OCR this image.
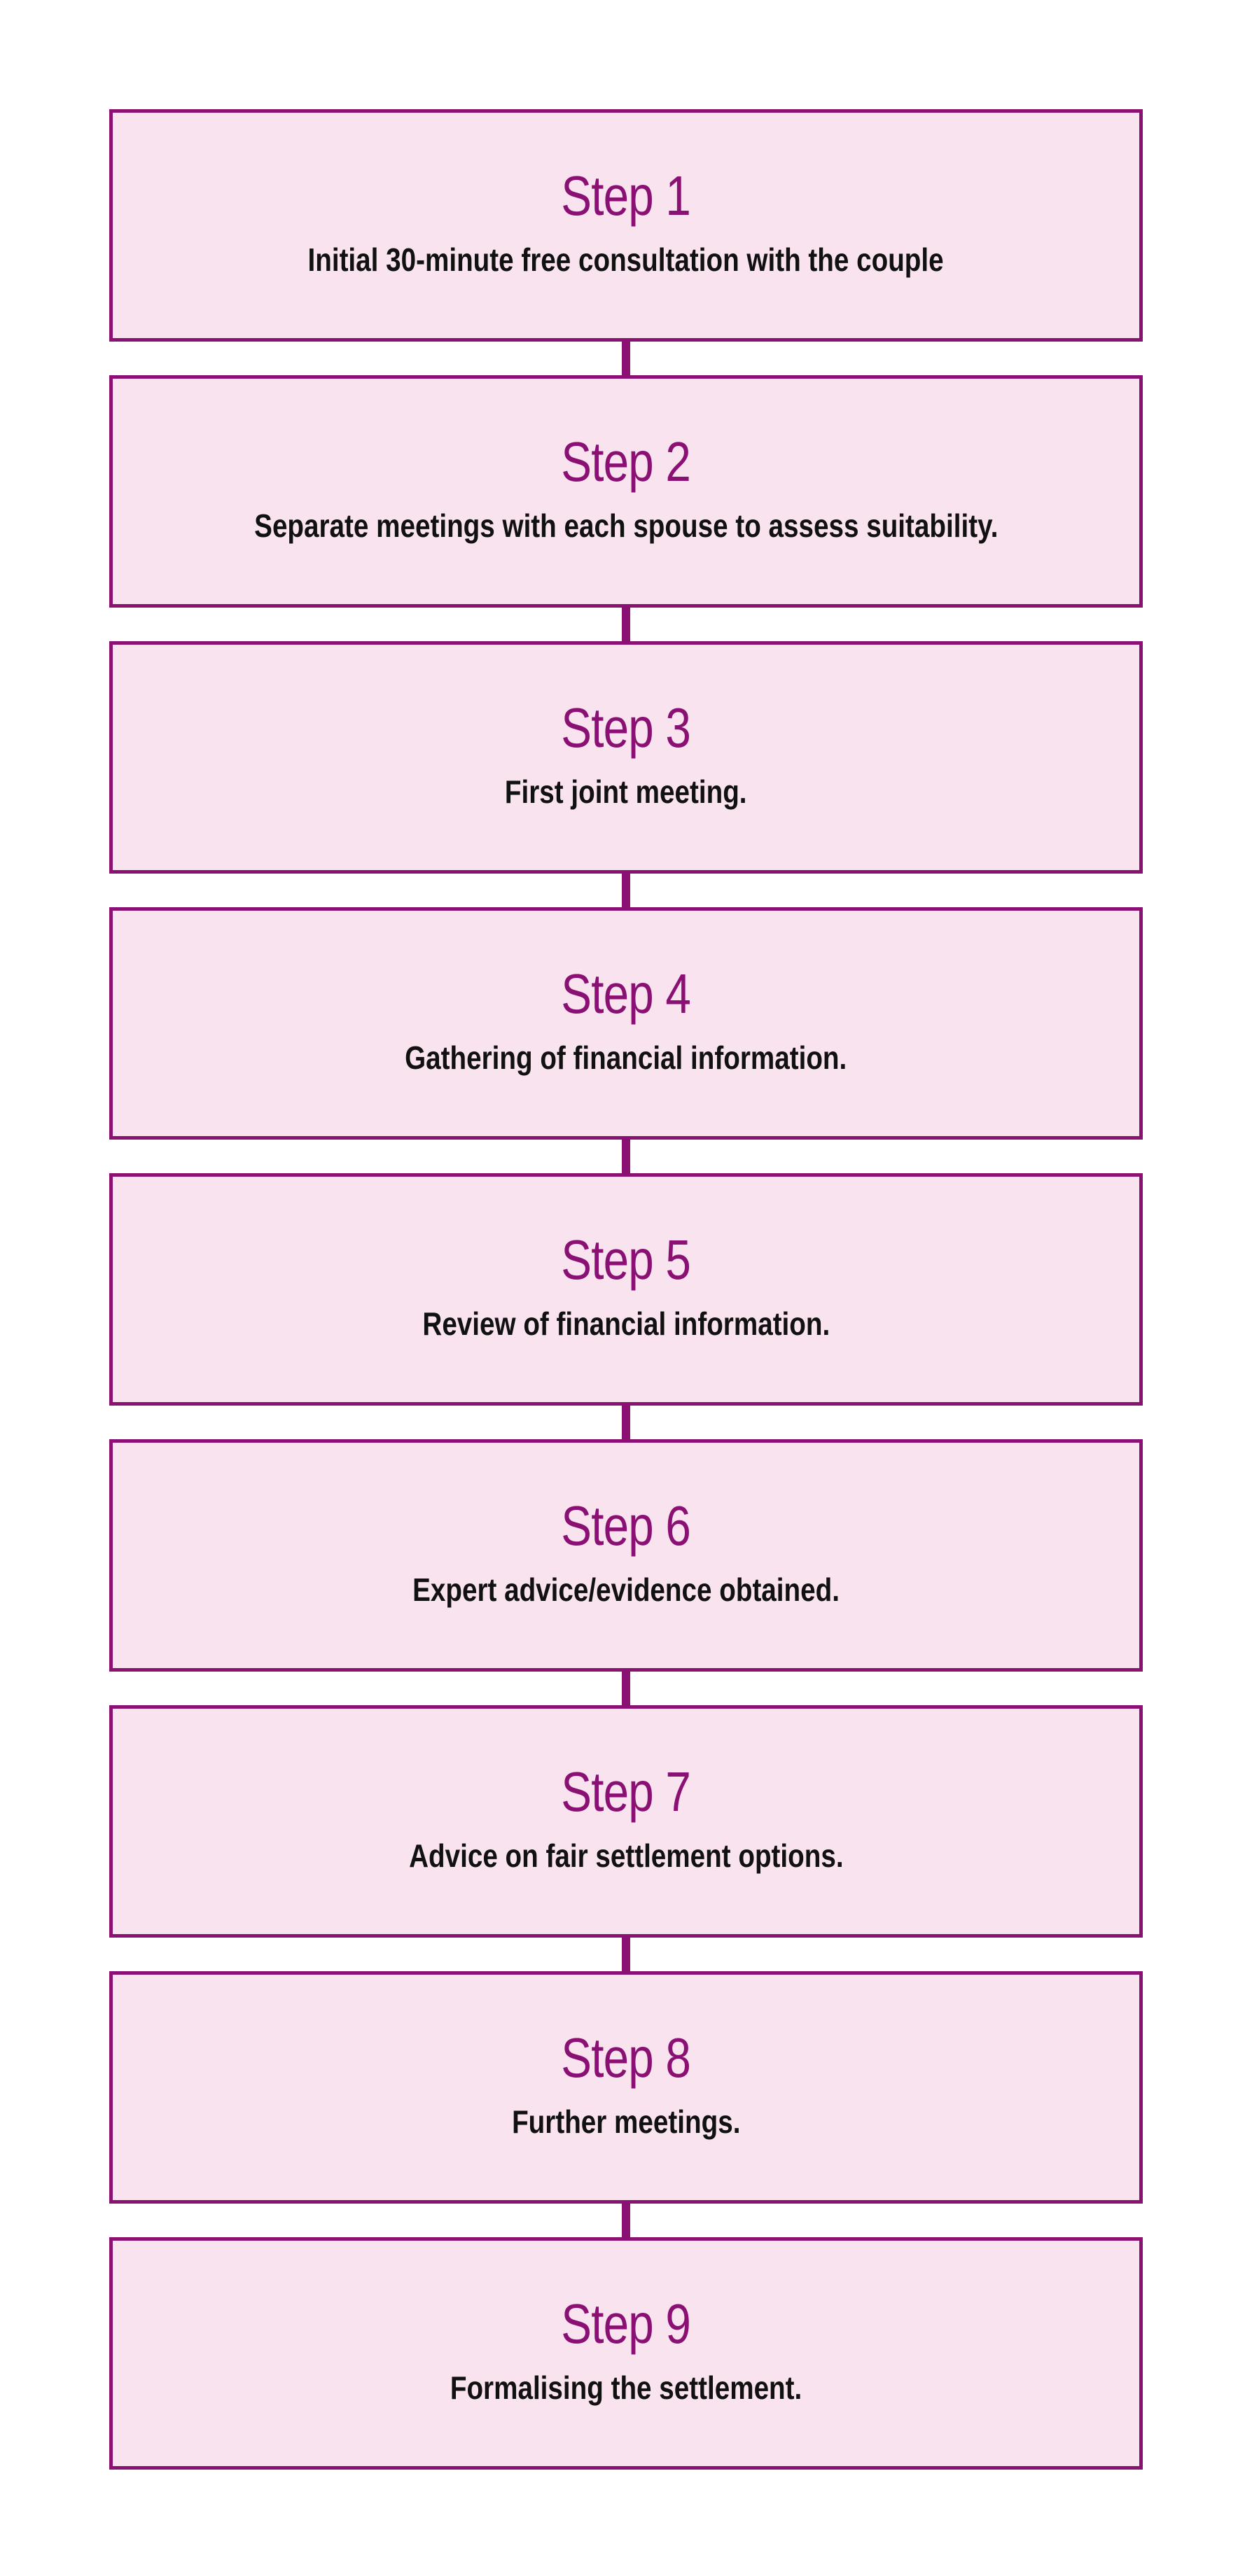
Step 1
Initial 30-minute free consultation with the couple
Step 2
Separate meetings with each spouse to assess suitability.
Step 3
First joint meeting.
Step 4
Gathering of financial information.
Step 5
Review of financial information.
Step 6
Expert advice/evidence obtained.
Step 7
Advice on fair settlement options.
Step 8
Further meetings.
Step 9
Formalising the settlement.
